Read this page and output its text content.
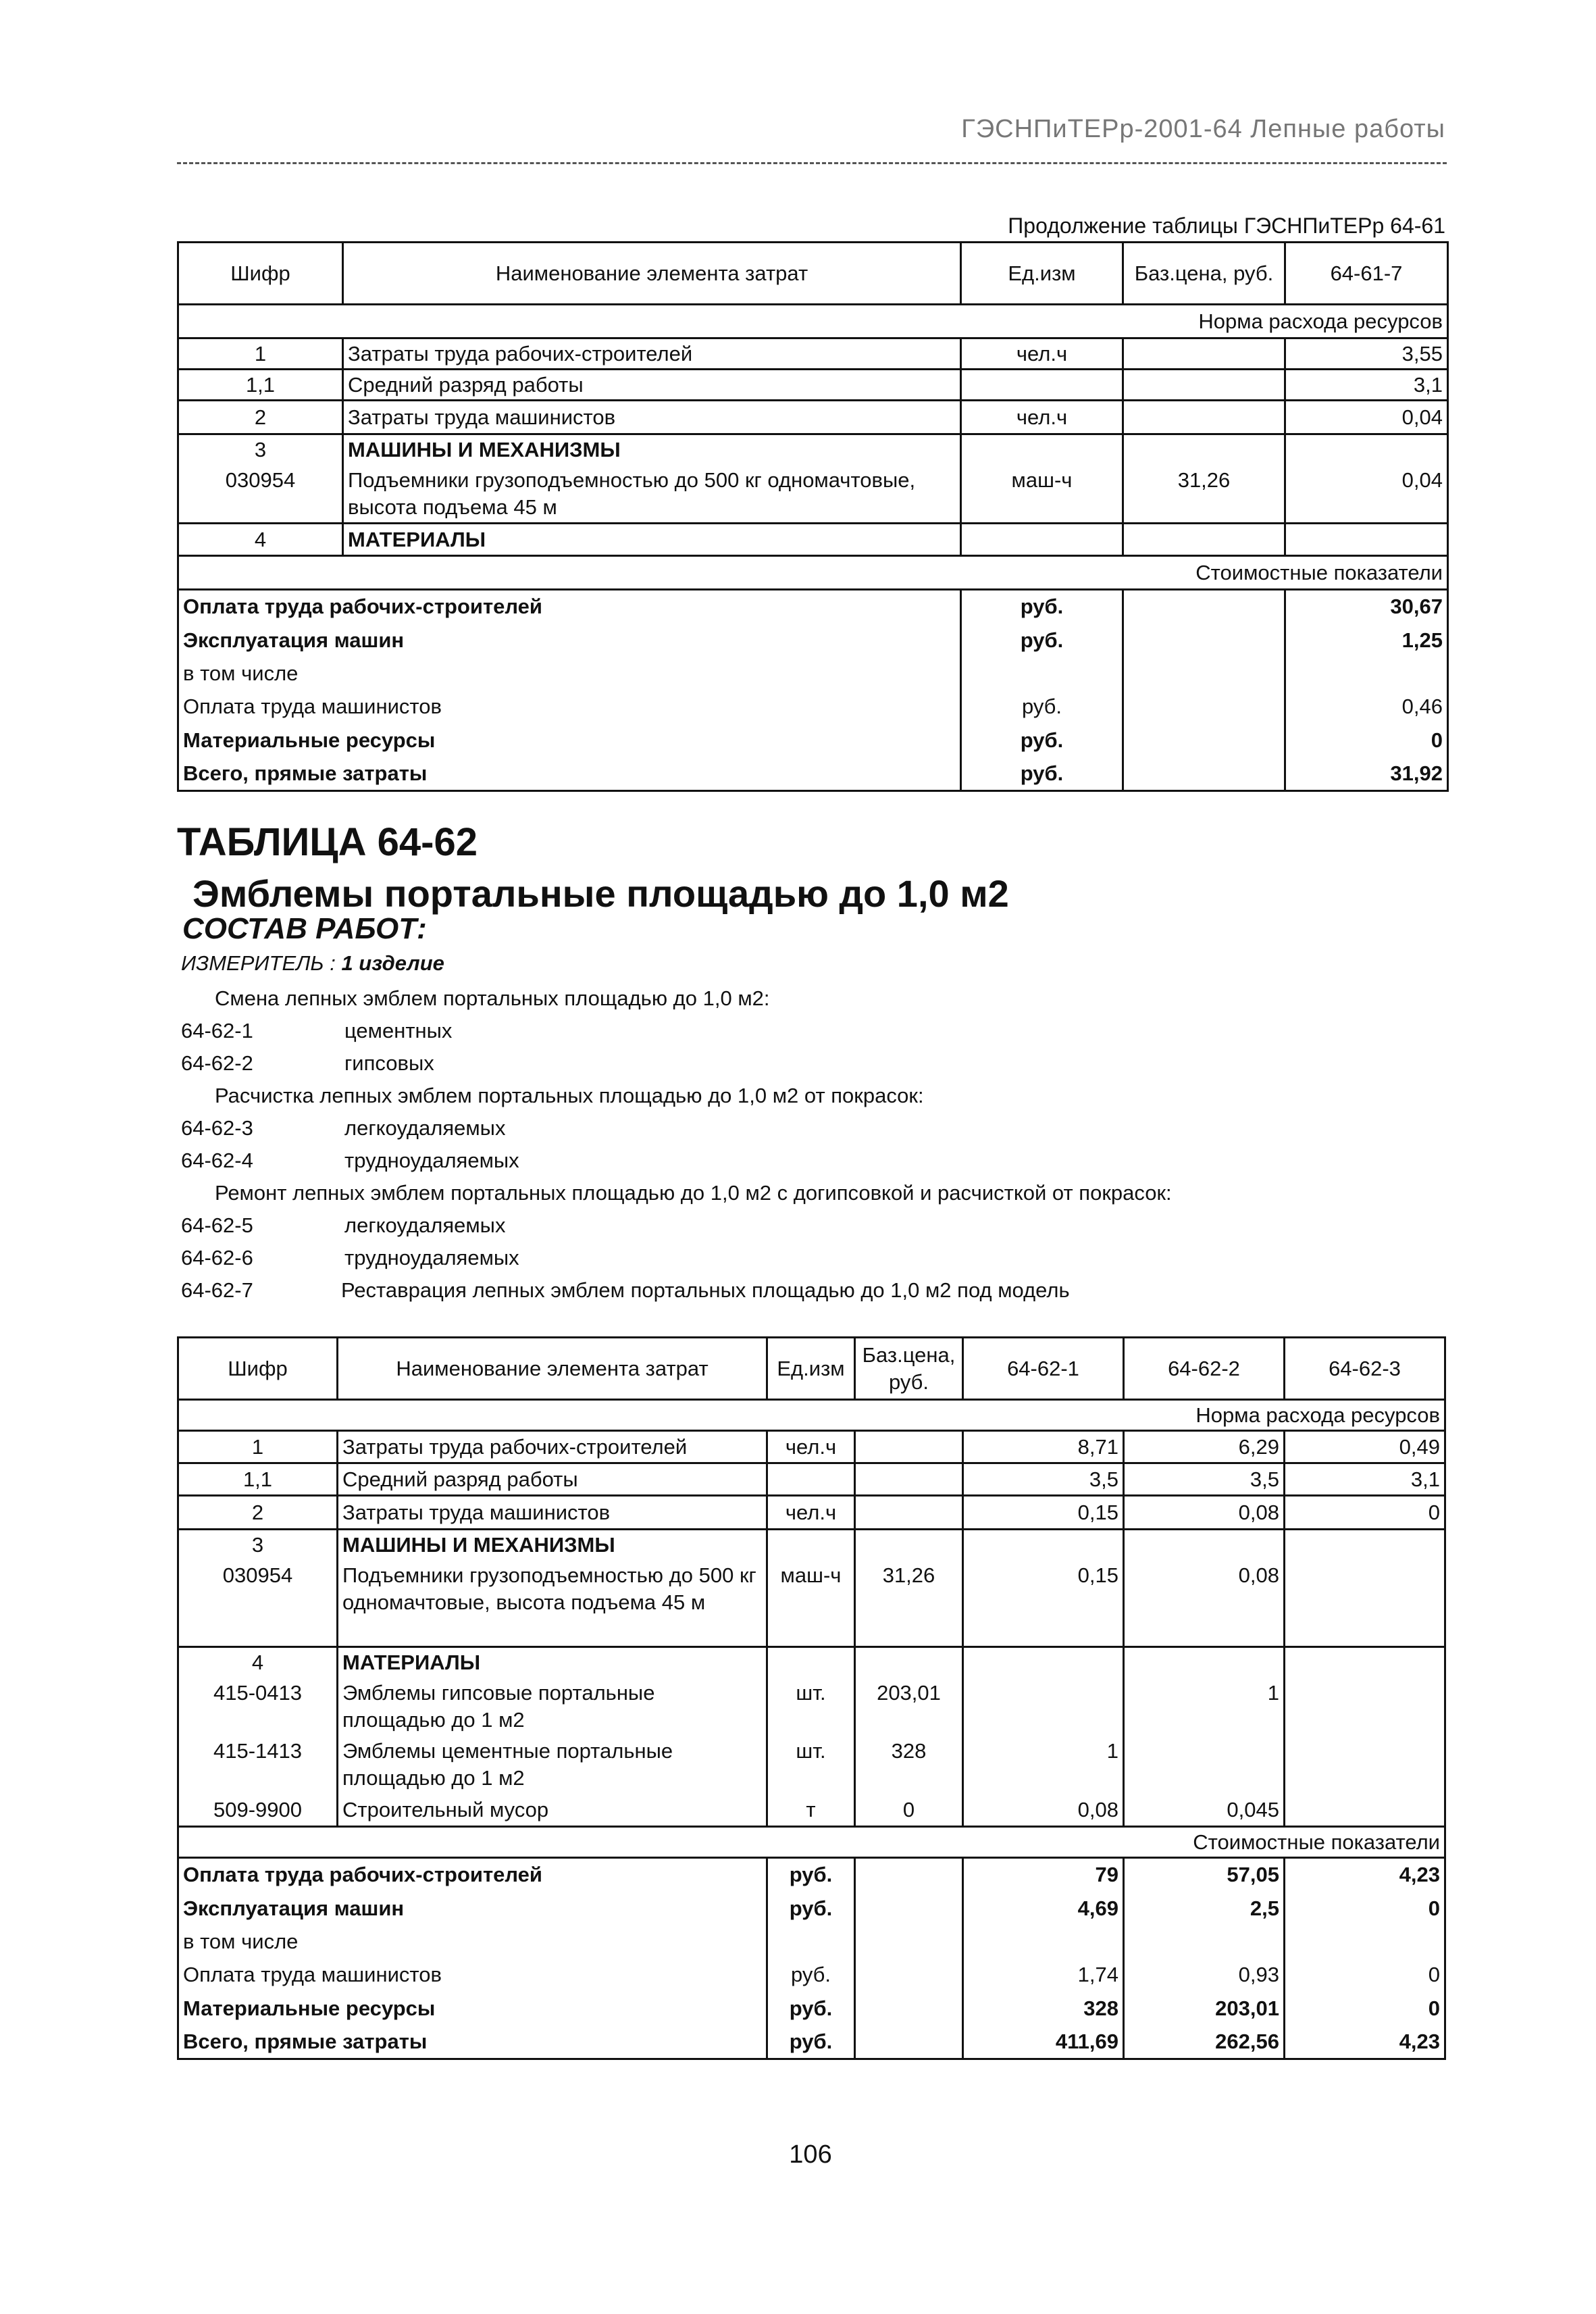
ГЭСНПиТЕРр-2001-64 Лепные работы
Продолжение таблицы ГЭСНПиТЕРр 64-61
Шифр	Наименование элемента затрат	Ед.изм	Баз.цена, руб.	64-61-7
Норма расхода ресурсов				
1	Затраты труда рабочих-строителей	чел.ч		3,55
1,1	Средний разряд работы			3,1
2	Затраты труда машинистов	чел.ч		0,04
3	МАШИНЫ И МЕХАНИЗМЫ			
030954	Подъемники грузоподъемностью до 500 кг одномачтовые, высота подъема 45 м	маш-ч	31,26	0,04
4	МАТЕРИАЛЫ			
Стоимостные показатели				
Оплата труда рабочих-строителей		руб.		30,67
Эксплуатация машин		руб.		1,25
в том числе				
Оплата труда машинистов		руб.		0,46
Материальные ресурсы		руб.		0
Всего, прямые затраты		руб.		31,92
ТАБЛИЦА 64-62
Эмблемы портальные площадью до 1,0 м2
СОСТАВ РАБОТ:
ИЗМЕРИТЕЛЬ : 1 изделие
Смена лепных эмблем портальных площадью до 1,0 м2:
64-62-1	цементных
64-62-2	гипсовых
Расчистка лепных эмблем портальных площадью до 1,0 м2 от покрасок:
64-62-3	легкоудаляемых
64-62-4	трудноудаляемых
Ремонт лепных эмблем портальных площадью до 1,0 м2 с догипсовкой и расчисткой от покрасок:
64-62-5	легкоудаляемых
64-62-6	трудноудаляемых
64-62-7	Реставрация лепных эмблем портальных площадью до 1,0 м2 под модель
Шифр	Наименование элемента затрат	Ед.изм	Баз.цена, руб.	64-62-1	64-62-2	64-62-3
Норма расхода ресурсов						
1	Затраты труда рабочих-строителей	чел.ч		8,71	6,29	0,49
1,1	Средний разряд работы			3,5	3,5	3,1
2	Затраты труда машинистов	чел.ч		0,15	0,08	0
3	МАШИНЫ И МЕХАНИЗМЫ					
030954	Подъемники грузоподъемностью до 500 кг одномачтовые, высота подъема 45 м	маш-ч	31,26	0,15	0,08	
4	МАТЕРИАЛЫ					
415-0413	Эмблемы гипсовые портальные площадью до 1 м2	шт.	203,01		1	
415-1413	Эмблемы цементные портальные площадью до 1 м2	шт.	328	1		
509-9900	Строительный мусор	т	0	0,08	0,045	
Стоимостные показатели						
Оплата труда рабочих-строителей		руб.		79	57,05	4,23
Эксплуатация машин		руб.		4,69	2,5	0
в том числе						
Оплата труда машинистов		руб.		1,74	0,93	0
Материальные ресурсы		руб.		328	203,01	0
Всего, прямые затраты		руб.		411,69	262,56	4,23
106
